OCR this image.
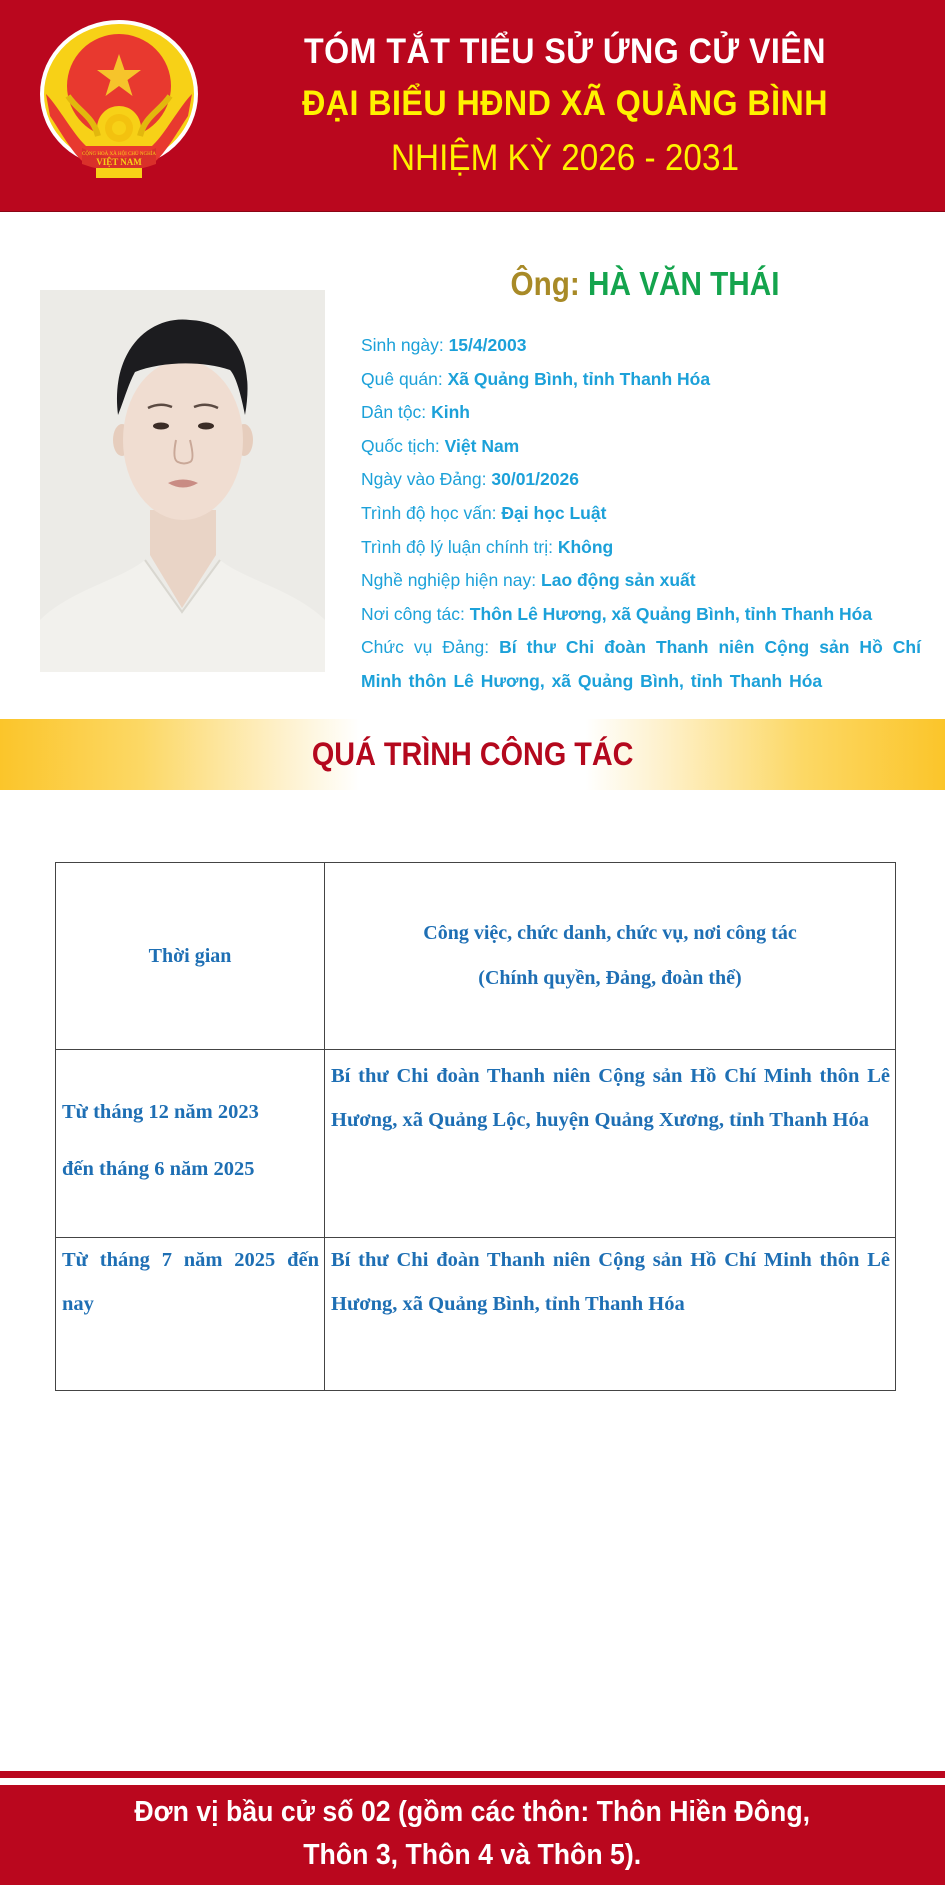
CỘNG HOÀ XÃ HỘI CHỦ NGHĨA
VIỆT NAM
TÓM TẮT TIỂU SỬ ỨNG CỬ VIÊN
ĐẠI BIỂU HĐND XÃ QUẢNG BÌNH
NHIỆM KỲ 2026 - 2031
Ông: HÀ VĂN THÁI
Sinh ngày: 15/4/2003
Quê quán: Xã Quảng Bình, tỉnh Thanh Hóa
Dân tộc: Kinh
Quốc tịch: Việt Nam
Ngày vào Đảng: 30/01/2026
Trình độ học vấn: Đại học Luật
Trình độ lý luận chính trị: Không
Nghề nghiệp hiện nay: Lao động sản xuất
Nơi công tác: Thôn Lê Hương, xã Quảng Bình, tỉnh Thanh Hóa
Chức vụ Đảng: Bí thư Chi đoàn Thanh niên Cộng sản Hồ Chí Minh thôn Lê Hương, xã Quảng Bình, tỉnh Thanh Hóa
QUÁ TRÌNH CÔNG TÁC
Thời gian	Công việc, chức danh, chức vụ, nơi công tác
(Chính quyền, Đảng, đoàn thể)

Từ tháng 12 năm 2023
đến tháng 6 năm 2025	Bí thư Chi đoàn Thanh niên Cộng sản Hồ Chí Minh thôn Lê Hương, xã Quảng Lộc, huyện Quảng Xương, tỉnh Thanh Hóa
Từ tháng 7 năm 2025 đến nay	Bí thư Chi đoàn Thanh niên Cộng sản Hồ Chí Minh thôn Lê Hương, xã Quảng Bình, tỉnh Thanh Hóa
Đơn vị bầu cử số 02 (gồm các thôn: Thôn Hiền Đông,
Thôn 3, Thôn 4 và Thôn 5).
